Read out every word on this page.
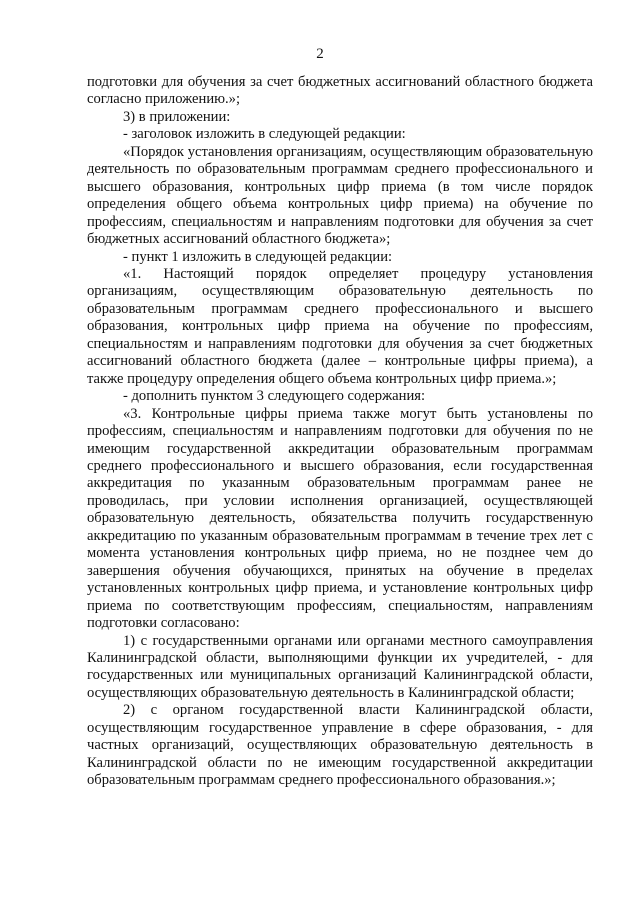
2

подготовки для обучения за счет бюджетных ассигнований областного бюджета согласно приложению.»;

3) в приложении:

- заголовок изложить в следующей редакции:

«Порядок установления организациям, осуществляющим образовательную деятельность по образовательным программам среднего профессионального и высшего образования, контрольных цифр приема (в том числе порядок определения общего объема контрольных цифр приема) на обучение по профессиям, специальностям и направлениям подготовки для обучения за счет бюджетных ассигнований областного бюджета»;

- пункт 1 изложить в следующей редакции:

«1. Настоящий порядок определяет процедуру установления организациям, осуществляющим образовательную деятельность по образовательным программам среднего профессионального и высшего образования, контрольных цифр приема на обучение по профессиям, специальностям и направлениям подготовки для обучения за счет бюджетных ассигнований областного бюджета (далее – контрольные цифры приема), а также процедуру определения общего объема контрольных цифр приема.»;

- дополнить пунктом 3 следующего содержания:

«3. Контрольные цифры приема также могут быть установлены по профессиям, специальностям и направлениям подготовки для обучения по не имеющим государственной аккредитации образовательным программам среднего профессионального и высшего образования, если государственная аккредитация по указанным образовательным программам ранее не проводилась, при условии исполнения организацией, осуществляющей образовательную деятельность, обязательства получить государственную аккредитацию по указанным образовательным программам в течение трех лет с момента установления контрольных цифр приема, но не позднее чем до завершения обучения обучающихся, принятых на обучение в пределах установленных контрольных цифр приема, и установление контрольных цифр приема по соответствующим профессиям, специальностям, направлениям подготовки согласовано:

1) с государственными органами или органами местного самоуправления Калининградской области, выполняющими функции их учредителей, - для государственных или муниципальных организаций Калининградской области, осуществляющих образовательную деятельность в Калининградской области;

2) с органом государственной власти Калининградской области, осуществляющим государственное управление в сфере образования, - для частных организаций, осуществляющих образовательную деятельность в Калининградской области по не имеющим государственной аккредитации образовательным программам среднего профессионального образования.»;
